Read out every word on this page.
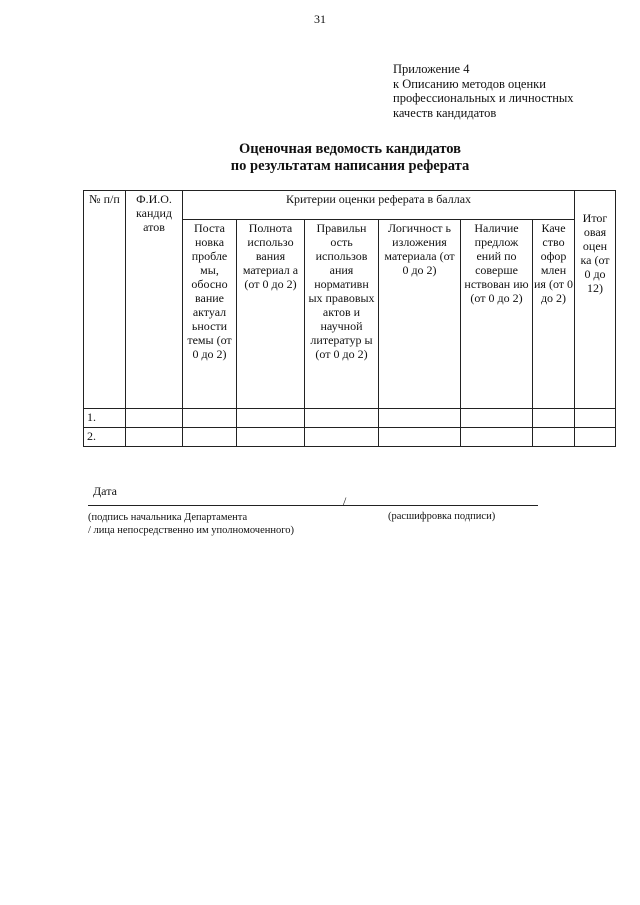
31
Приложение 4
к Описанию методов оценки
профессиональных и личностных
качеств кандидатов
Оценочная ведомость кандидатов
по результатам написания реферата
№ п/п	Ф.И.О. кандид атов	Критерии оценки реферата в баллах						Итог овая оцен ка (от 0 до 12)
		Поста новка пробле мы, обосно вание актуал ьности темы (от 0 до 2)	Полнота использо вания материал а (от 0 до 2)	Правильн ость использов ания нормативн ых правовых актов и научной литератур ы (от 0 до 2)	Логичност ь изложения материала (от 0 до 2)	Наличие предлож ений по соверше нствован ию (от 0 до 2)	Каче ство офор млен ия (от 0 до 2)	
1.								
2.								
Дата
/
(подпись начальника Департамента
/ лица непосредственно им уполномоченного)
(расшифровка подписи)
